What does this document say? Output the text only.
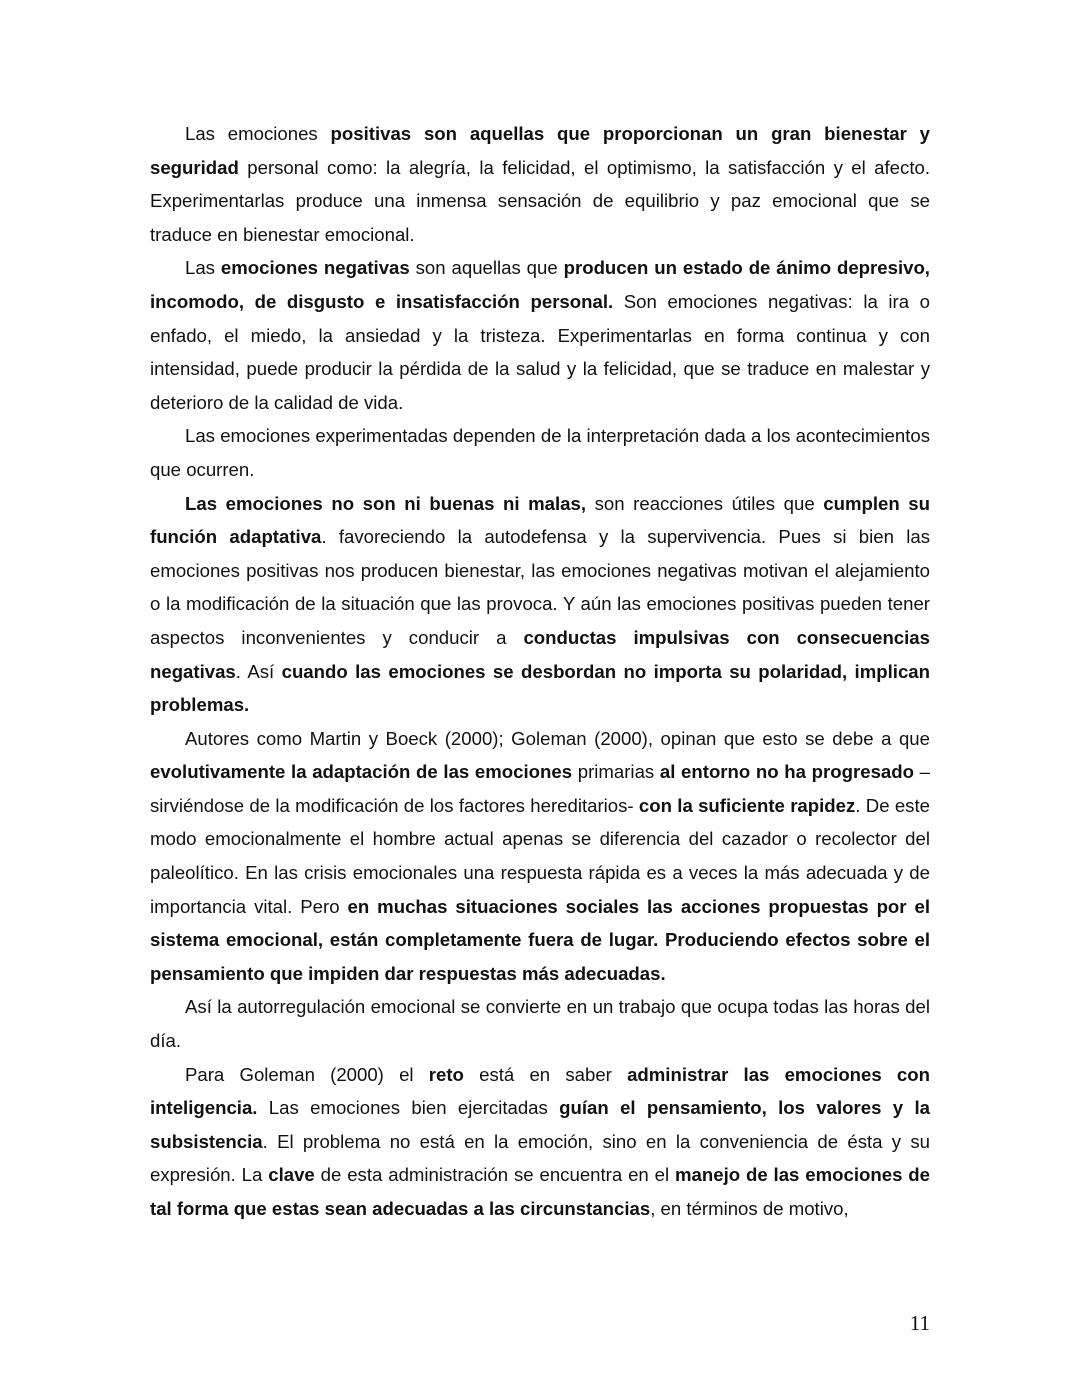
Las emociones positivas son aquellas que proporcionan un gran bienestar y seguridad personal como: la alegría, la felicidad, el optimismo, la satisfacción y el afecto. Experimentarlas produce una inmensa sensación de equilibrio y paz emocional que se traduce en bienestar emocional.

Las emociones negativas son aquellas que producen un estado de ánimo depresivo, incomodo, de disgusto e insatisfacción personal. Son emociones negativas: la ira o enfado, el miedo, la ansiedad y la tristeza. Experimentarlas en forma continua y con intensidad, puede producir la pérdida de la salud y la felicidad, que se traduce en malestar y deterioro de la calidad de vida.

Las emociones experimentadas dependen de la interpretación dada a los acontecimientos que ocurren.

Las emociones no son ni buenas ni malas, son reacciones útiles que cumplen su función adaptativa. favoreciendo la autodefensa y la supervivencia. Pues si bien las emociones positivas nos producen bienestar, las emociones negativas motivan el alejamiento o la modificación de la situación que las provoca. Y aún las emociones positivas pueden tener aspectos inconvenientes y conducir a conductas impulsivas con consecuencias negativas. Así cuando las emociones se desbordan no importa su polaridad, implican problemas.

Autores como Martin y Boeck (2000); Goleman (2000), opinan que esto se debe a que evolutivamente la adaptación de las emociones primarias al entorno no ha progresado –sirviéndose de la modificación de los factores hereditarios- con la suficiente rapidez. De este modo emocionalmente el hombre actual apenas se diferencia del cazador o recolector del paleolítico. En las crisis emocionales una respuesta rápida es a veces la más adecuada y de importancia vital. Pero en muchas situaciones sociales las acciones propuestas por el sistema emocional, están completamente fuera de lugar. Produciendo efectos sobre el pensamiento que impiden dar respuestas más adecuadas.

Así la autorregulación emocional se convierte en un trabajo que ocupa todas las horas del día.

Para Goleman (2000) el reto está en saber administrar las emociones con inteligencia. Las emociones bien ejercitadas guían el pensamiento, los valores y la subsistencia. El problema no está en la emoción, sino en la conveniencia de ésta y su expresión. La clave de esta administración se encuentra en el manejo de las emociones de tal forma que estas sean adecuadas a las circunstancias, en términos de motivo,

11
